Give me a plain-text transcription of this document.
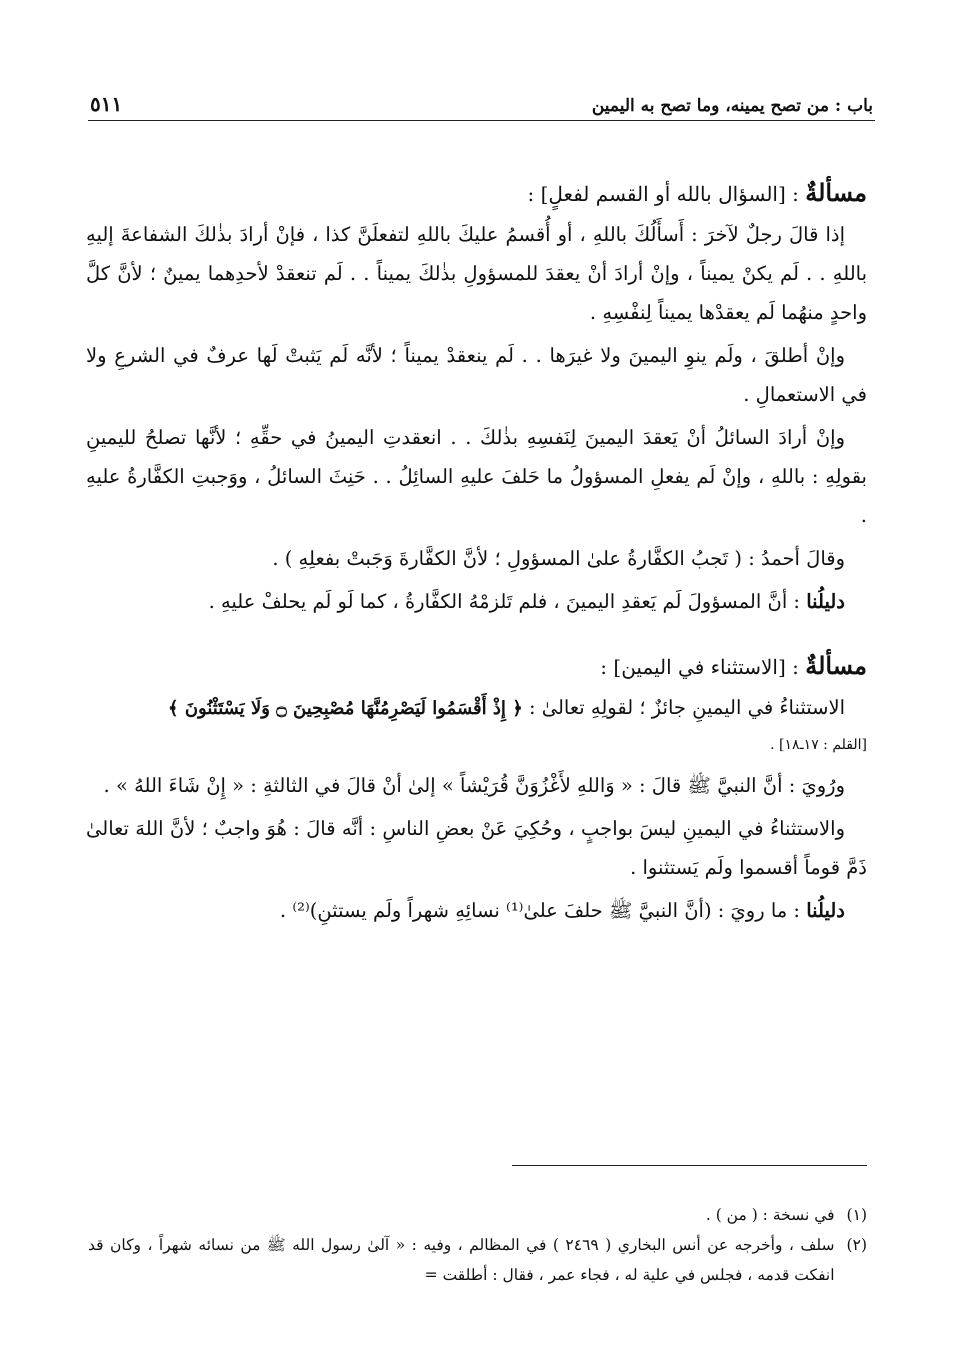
باب : من تصح يمينه، وما تصح به اليمين
٥١١
مسألةٌ : [السؤال بالله أو القسم لفعلٍ] :

إذا قالَ رجلٌ لآخرَ : أَسأَلُكَ باللهِ ، أو أُقسمُ عليكَ باللهِ لتفعلَنَّ كذا ، فإنْ أرادَ بذٰلكَ الشفاعةَ إليهِ باللهِ . . لَم يكنْ يميناً ، وإنْ أرادَ أنْ يعقدَ للمسؤولِ بذٰلكَ يميناً . . لَم تنعقدْ لأحدِهما يمينٌ ؛ لأنَّ كلَّ واحدٍ منهُما لَم يعقدْها يميناً لِنفْسِهِ .

وإنْ أطلقَ ، ولَم ينوِ اليمينَ ولا غيرَها . . لَم ينعقدْ يميناً ؛ لأنَّه لَم يَثبتْ لَها عرفٌ في الشرعِ ولا في الاستعمالِ .

وإنْ أرادَ السائلُ أنْ يَعقدَ اليمينَ لِنَفسِهِ بذٰلكَ . . انعقدتِ اليمينُ في حقِّهِ ؛ لأنَّها تصلحُ لليمينِ بقولِهِ : باللهِ ، وإنْ لَم يفعلِ المسؤولُ ما حَلفَ عليهِ السائِلُ . . حَنِثَ السائلُ ، ووَجبتِ الكفَّارةُ عليهِ .

وقالَ أحمدُ : ( تَجبُ الكفَّارةُ علىٰ المسؤولِ ؛ لأنَّ الكفَّارةَ وَجَبتْ بفعلِهِ ) .

دليلُنا : أنَّ المسؤولَ لَم يَعقدِ اليمينَ ، فلم تَلزمْهُ الكفَّارةُ ، كما لَو لَم يحلفْ عليهِ .

مسألةٌ : [الاستثناء في اليمين] :

الاستثناءُ في اليمينِ جائزٌ ؛ لقولِهِ تعالىٰ : ﴿ إِذْ أَقْسَمُوا لَيَصْرِمُنَّهَا مُصْبِحِينَ ۝ وَلَا يَسْتَثْنُونَ ﴾

[القلم : ١٧ـ١٨] .

ورُويَ : أنَّ النبيَّ ﷺ قالَ : « وَاللهِ لأَغْزُوَنَّ قُرَيْشاً » إلىٰ أنْ قالَ في الثالثةِ : « إِنْ شَاءَ اللهُ » .

والاستثناءُ في اليمينِ ليسَ بواجبٍ ، وحُكِيَ عَنْ بعضِ الناسِ : أنَّه قالَ : هُوَ واجبٌ ؛ لأنَّ اللهَ تعالىٰ ذَمَّ قوماً أقسموا ولَم يَستثنوا .

دليلُنا : ما رويَ : (أنَّ النبيَّ ﷺ حلفَ علىٰ⁽¹⁾ نسائِهِ شهراً ولَم يستثنِ)⁽²⁾ .

(١)
في نسخة : ( من ) .
(٢)
سلف ، وأخرجه عن أنس البخاري ( ٢٤٦٩ ) في المظالم ، وفيه : « آلىٰ رسول الله ﷺ من نسائه شهراً ، وكان قد انفكت قدمه ، فجلس في علية له ، فجاء عمر ، فقال : أطلقت =
